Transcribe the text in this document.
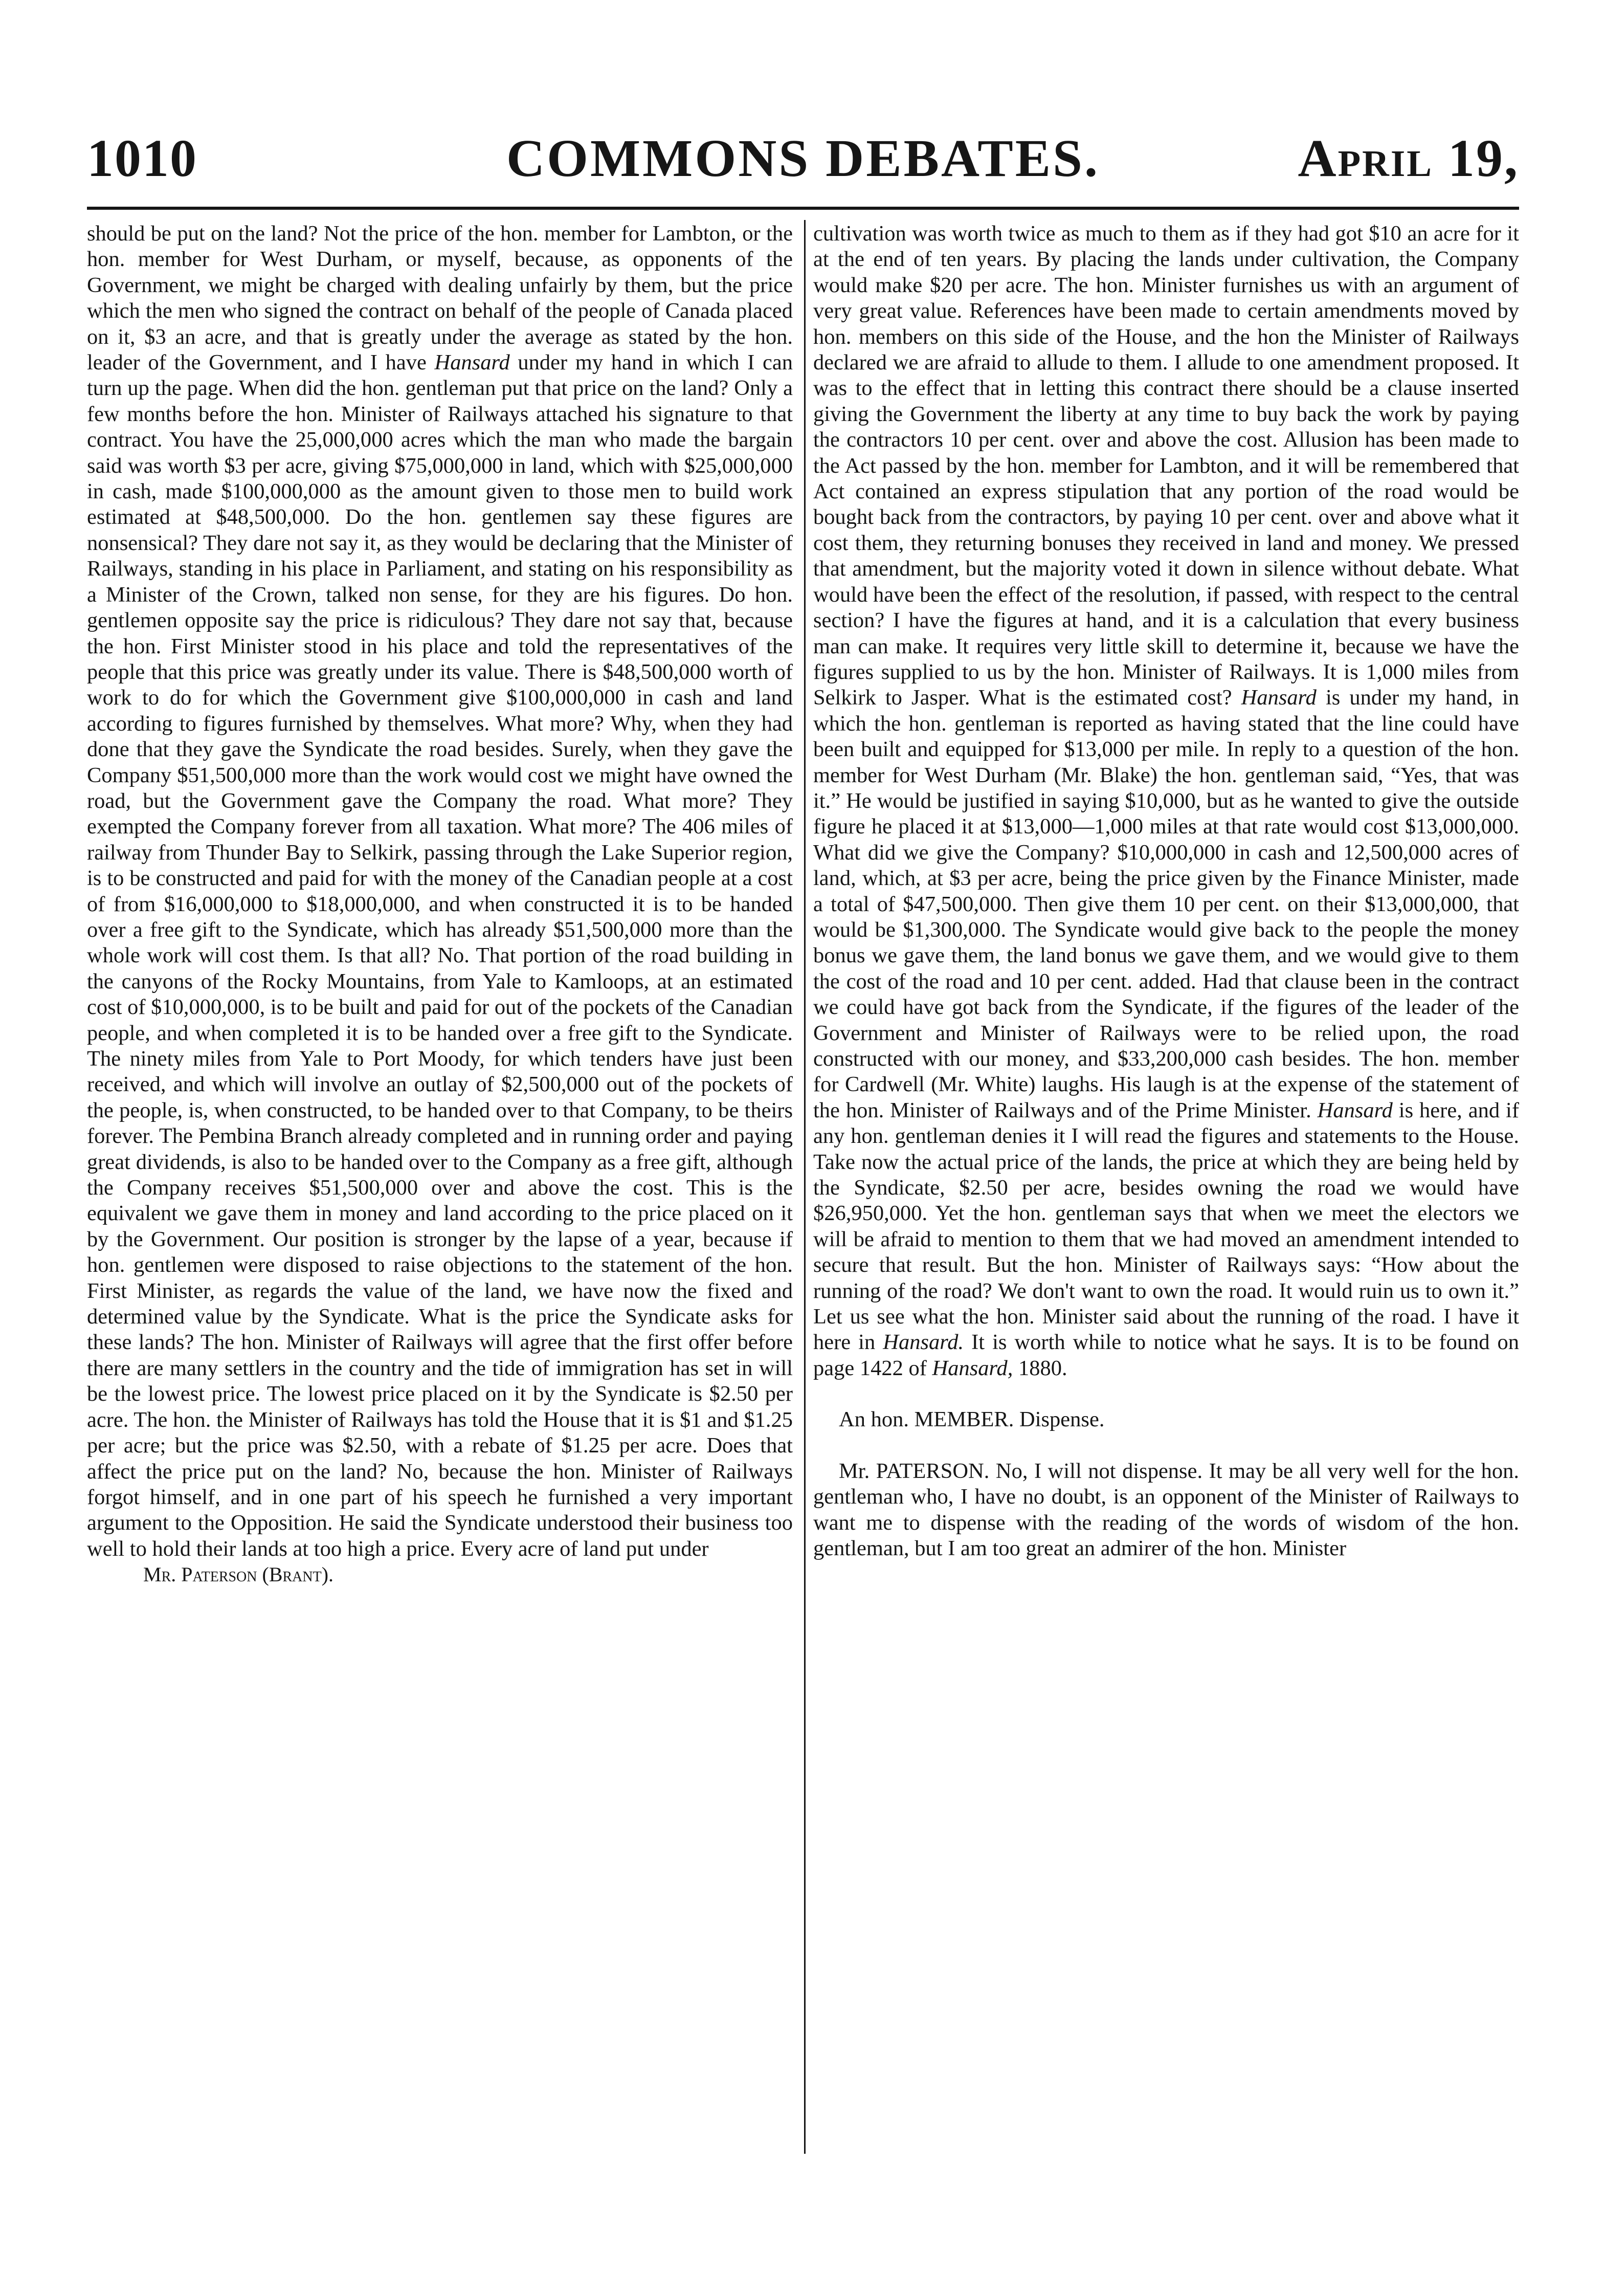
1010	COMMONS DEBATES.	April 19,

should be put on the land? Not the price of the hon. member for Lambton, or the hon. member for West Durham, or myself, because, as opponents of the Government, we might be charged with dealing unfairly by them, but the price which the men who signed the contract on behalf of the people of Canada placed on it, $3 an acre, and that is greatly under the average as stated by the hon. leader of the Government, and I have Hansard under my hand in which I can turn up the page. When did the hon. gentleman put that price on the land? Only a few months before the hon. Minister of Railways attached his signature to that contract. You have the 25,000,000 acres which the man who made the bargain said was worth $3 per acre, giving $75,000,000 in land, which with $25,000,000 in cash, made $100,000,000 as the amount given to those men to build work estimated at $48,500,000. Do the hon. gentlemen say these figures are nonsensical? They dare not say it, as they would be declaring that the Minister of Railways, standing in his place in Parliament, and stating on his responsibility as a Minister of the Crown, talked non sense, for they are his figures. Do hon. gentlemen opposite say the price is ridiculous? They dare not say that, because the hon. First Minister stood in his place and told the representatives of the people that this price was greatly under its value. There is $48,500,000 worth of work to do for which the Government give $100,000,000 in cash and land according to figures furnished by themselves. What more? Why, when they had done that they gave the Syndicate the road besides. Surely, when they gave the Company $51,500,000 more than the work would cost we might have owned the road, but the Government gave the Company the road. What more? They exempted the Company forever from all taxation. What more? The 406 miles of railway from Thunder Bay to Selkirk, passing through the Lake Superior region, is to be constructed and paid for with the money of the Canadian people at a cost of from $16,000,000 to $18,000,000, and when constructed it is to be handed over a free gift to the Syndicate, which has already $51,500,000 more than the whole work will cost them. Is that all? No. That portion of the road building in the canyons of the Rocky Mountains, from Yale to Kamloops, at an estimated cost of $10,000,000, is to be built and paid for out of the pockets of the Canadian people, and when completed it is to be handed over a free gift to the Syndicate. The ninety miles from Yale to Port Moody, for which tenders have just been received, and which will involve an outlay of $2,500,000 out of the pockets of the people, is, when constructed, to be handed over to that Company, to be theirs forever. The Pembina Branch already completed and in running order and paying great dividends, is also to be handed over to the Company as a free gift, although the Company receives $51,500,000 over and above the cost. This is the equivalent we gave them in money and land according to the price placed on it by the Government. Our position is stronger by the lapse of a year, because if hon. gentlemen were disposed to raise objections to the statement of the hon. First Minister, as regards the value of the land, we have now the fixed and determined value by the Syndicate. What is the price the Syndicate asks for these lands? The hon. Minister of Railways will agree that the first offer before there are many settlers in the country and the tide of immigration has set in will be the lowest price. The lowest price placed on it by the Syndicate is $2.50 per acre. The hon. the Minister of Railways has told the House that it is $1 and $1.25 per acre; but the price was $2.50, with a rebate of $1.25 per acre. Does that affect the price put on the land? No, because the hon. Minister of Railways forgot himself, and in one part of his speech he furnished a very important argument to the Opposition. He said the Syndicate understood their business too well to hold their lands at too high a price. Every acre of land put under

Mr. Paterson (Brant).

cultivation was worth twice as much to them as if they had got $10 an acre for it at the end of ten years. By placing the lands under cultivation, the Company would make $20 per acre. The hon. Minister furnishes us with an argument of very great value. References have been made to certain amendments moved by hon. members on this side of the House, and the hon the Minister of Railways declared we are afraid to allude to them. I allude to one amendment proposed. It was to the effect that in letting this contract there should be a clause inserted giving the Government the liberty at any time to buy back the work by paying the contractors 10 per cent. over and above the cost. Allusion has been made to the Act passed by the hon. member for Lambton, and it will be remembered that Act contained an express stipulation that any portion of the road would be bought back from the contractors, by paying 10 per cent. over and above what it cost them, they returning bonuses they received in land and money. We pressed that amendment, but the majority voted it down in silence without debate. What would have been the effect of the resolution, if passed, with respect to the central section? I have the figures at hand, and it is a calculation that every business man can make. It requires very little skill to determine it, because we have the figures supplied to us by the hon. Minister of Railways. It is 1,000 miles from Selkirk to Jasper. What is the estimated cost? Hansard is under my hand, in which the hon. gentleman is reported as having stated that the line could have been built and equipped for $13,000 per mile. In reply to a question of the hon. member for West Durham (Mr. Blake) the hon. gentleman said, “Yes, that was it.” He would be justified in saying $10,000, but as he wanted to give the outside figure he placed it at $13,000—1,000 miles at that rate would cost $13,000,000. What did we give the Company? $10,000,000 in cash and 12,500,000 acres of land, which, at $3 per acre, being the price given by the Finance Minister, made a total of $47,500,000. Then give them 10 per cent. on their $13,000,000, that would be $1,300,000. The Syndicate would give back to the people the money bonus we gave them, the land bonus we gave them, and we would give to them the cost of the road and 10 per cent. added. Had that clause been in the contract we could have got back from the Syndicate, if the figures of the leader of the Government and Minister of Railways were to be relied upon, the road constructed with our money, and $33,200,000 cash besides. The hon. member for Cardwell (Mr. White) laughs. His laugh is at the expense of the statement of the hon. Minister of Railways and of the Prime Minister. Hansard is here, and if any hon. gentleman denies it I will read the figures and statements to the House. Take now the actual price of the lands, the price at which they are being held by the Syndicate, $2.50 per acre, besides owning the road we would have $26,950,000. Yet the hon. gentleman says that when we meet the electors we will be afraid to mention to them that we had moved an amendment intended to secure that result. But the hon. Minister of Railways says: “How about the running of the road? We don't want to own the road. It would ruin us to own it.” Let us see what the hon. Minister said about the running of the road. I have it here in Hansard. It is worth while to notice what he says. It is to be found on page 1422 of Hansard, 1880.

An hon. MEMBER. Dispense.

Mr. PATERSON. No, I will not dispense. It may be all very well for the hon. gentleman who, I have no doubt, is an opponent of the Minister of Railways to want me to dispense with the reading of the words of wisdom of the hon. gentleman, but I am too great an admirer of the hon. Minister
